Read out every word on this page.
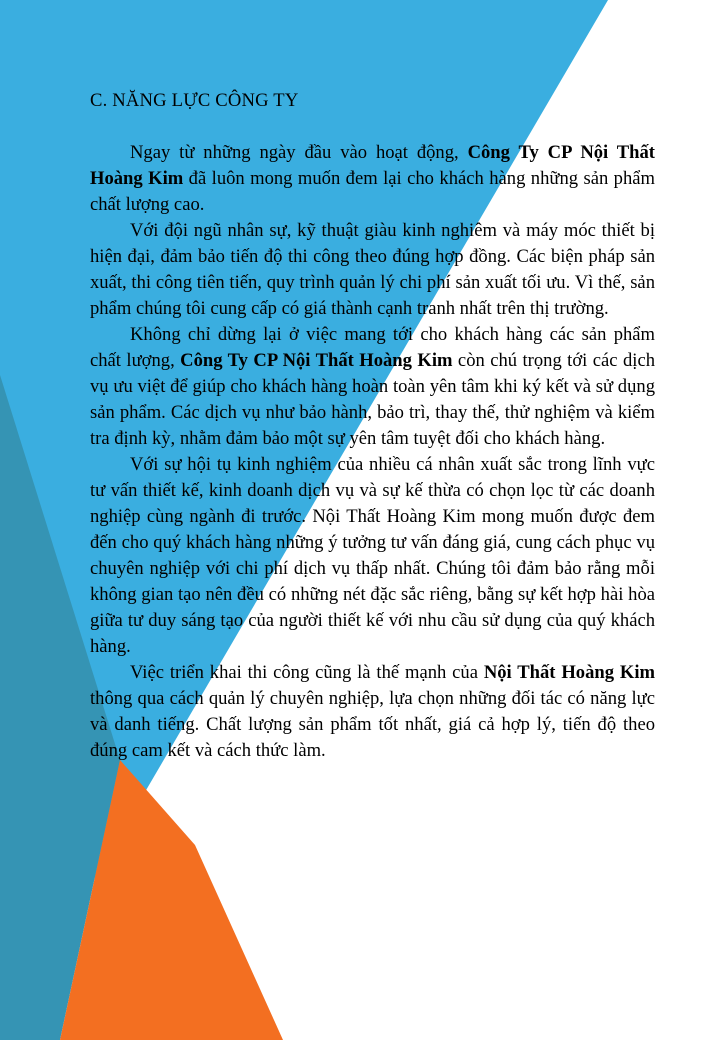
C. NĂNG LỰC CÔNG TY

Ngay từ những ngày đầu vào hoạt động, Công Ty CP Nội Thất Hoàng Kim đã luôn mong muốn đem lại cho khách hàng những sản phẩm chất lượng cao.

Với đội ngũ nhân sự, kỹ thuật giàu kinh nghiêm và máy móc thiết bị hiện đại, đảm bảo tiến độ thi công theo đúng hợp đồng. Các biện pháp sản xuất, thi công tiên tiến, quy trình quản lý chi phí sản xuất tối ưu. Vì thế, sản phẩm chúng tôi cung cấp có giá thành cạnh tranh nhất trên thị trường.

Không chỉ dừng lại ở việc mang tới cho khách hàng các sản phẩm chất lượng, Công Ty CP Nội Thất Hoàng Kim còn chú trọng tới các dịch vụ ưu việt để giúp cho khách hàng hoàn toàn yên tâm khi ký kết và sử dụng sản phẩm. Các dịch vụ như bảo hành, bảo trì, thay thế, thử nghiệm và kiểm tra định kỳ, nhằm đảm bảo một sự yên tâm tuyệt đối cho khách hàng.

Với sự hội tụ kinh nghiệm của nhiều cá nhân xuất sắc trong lĩnh vực tư vấn thiết kế, kinh doanh dịch vụ và sự kế thừa có chọn lọc từ các doanh nghiệp cùng ngành đi trước. Nội Thất Hoàng Kim mong muốn được đem đến cho quý khách hàng những ý tưởng tư vấn đáng giá, cung cách phục vụ chuyên nghiệp với chi phí dịch vụ thấp nhất. Chúng tôi đảm bảo rằng mỗi không gian tạo nên đều có những nét đặc sắc riêng, bằng sự kết hợp hài hòa giữa tư duy sáng tạo của người thiết kế với nhu cầu sử dụng của quý khách hàng.

Việc triển khai thi công cũng là thế mạnh của Nội Thất Hoàng Kim thông qua cách quản lý chuyên nghiệp, lựa chọn những đối tác có năng lực và danh tiếng. Chất lượng sản phẩm tốt nhất, giá cả hợp lý, tiến độ theo đúng cam kết và cách thức làm.
